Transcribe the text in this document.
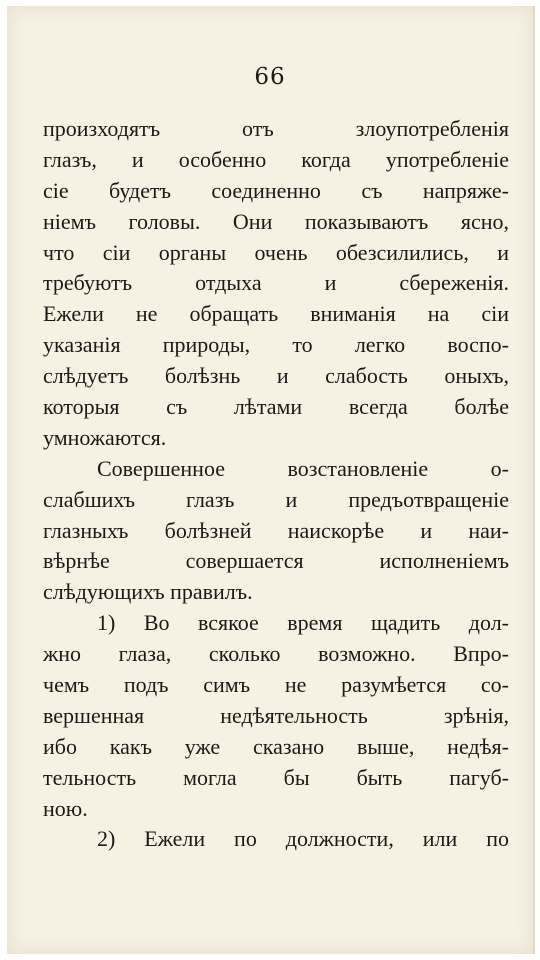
66
произходятъ отъ злоупотребленія
глазъ, и особенно когда употребленіе
сіе будетъ соединенно съ напряже-
ніемъ головы. Они показываютъ ясно,
что сіи органы очень обезсилились, и
требуютъ отдыха и сбереженія.
Ежели не обращать вниманія на сіи
указанія природы, то легко воспо-
слѣдуетъ болѣзнь и слабость оныхъ,
которыя съ лѣтами всегда болѣе
умножаются.
Совершенное возстановленіе о-
слабшихъ глазъ и предъотвращеніе
глазныхъ болѣзней наискорѣе и наи-
вѣрнѣе совершается исполненіемъ
слѣдующихъ правилъ.
1) Во всякое время щадить дол-
жно глаза, сколько возможно. Впро-
чемъ подъ симъ не разумѣется со-
вершенная недѣятельность зрѣнія,
ибо какъ уже сказано выше, недѣя-
тельность могла бы быть пагуб-
ною.
2) Ежели по должности, или по
